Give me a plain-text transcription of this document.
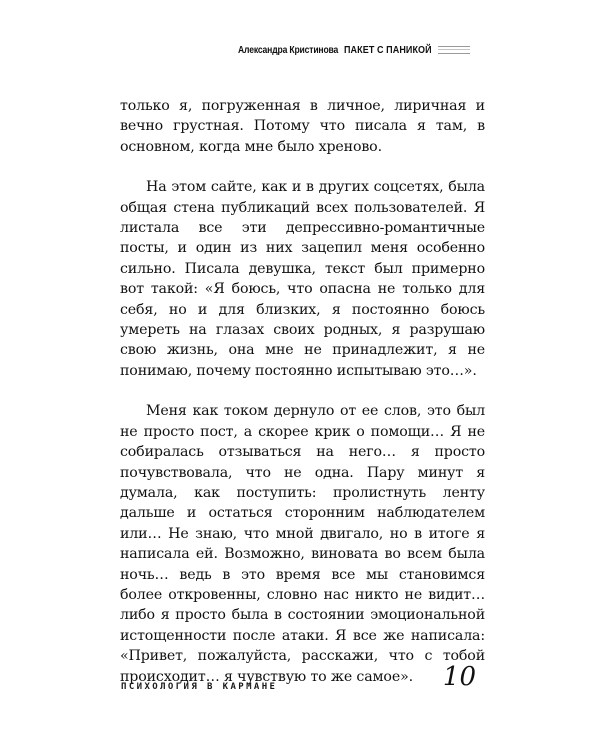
Александра Кристинова ПАКЕТ С ПАНИКОЙ

только я, погруженная в личное, лиричная и вечно грустная. Потому что писала я там, в основном, когда мне было хреново.

На этом сайте, как и в других соцсетях, была общая стена публикаций всех пользователей. Я листала все эти депрессивно-романтичные посты, и один из них зацепил меня особенно сильно. Писала девушка, текст был примерно вот такой: «Я боюсь, что опасна не только для себя, но и для близких, я постоянно боюсь умереть на глазах своих родных, я разрушаю свою жизнь, она мне не принадлежит, я не понимаю, почему постоянно испытываю это…».

Меня как током дернуло от ее слов, это был не просто пост, а скорее крик о помощи… Я не собиралась отзываться на него… я просто почувствовала, что не одна. Пару минут я думала, как поступить: пролистнуть ленту дальше и остаться сторонним наблюдателем или… Не знаю, что мной двигало, но в итоге я написала ей. Возможно, виновата во всем была ночь… ведь в это время все мы становимся более откровенны, словно нас никто не видит… либо я просто была в состоянии эмоциональной истощенности после атаки. Я все же написала: «Привет, пожалуйста, расскажи, что с тобой происходит… я чувствую то же самое».

ПСИХОЛОГИЯ В КАРМАНЕ	10
